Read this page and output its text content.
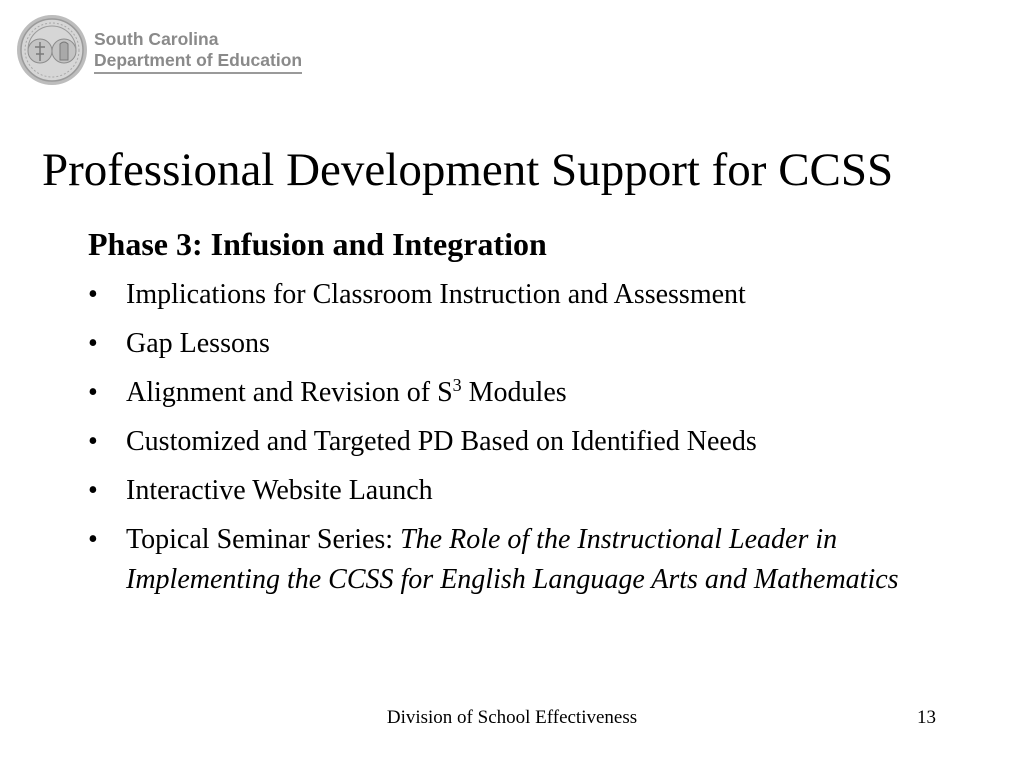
South Carolina
Department of Education
Professional Development Support for CCSS
Phase 3: Infusion and Integration
• Implications for Classroom Instruction and Assessment
• Gap Lessons
• Alignment and Revision of $S^3$ Modules
• Customized and Targeted PD Based on Identified Needs
• Interactive Website Launch
• Topical Seminar Series: The Role of the Instructional Leader in Implementing the CCSS for English Language Arts and Mathematics
Division of School Effectiveness	13
